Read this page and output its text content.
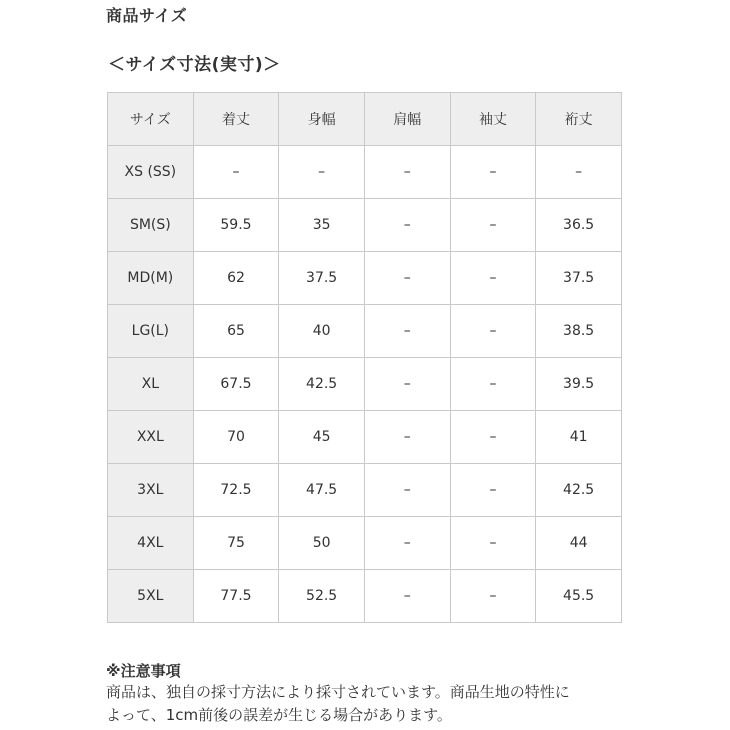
商品サイズ
＜サイズ寸法(実寸)＞
サイズ	着丈	身幅	肩幅	袖丈	裄丈
XS (SS)	–	–	–	–	–
SM(S)	59.5	35	–	–	36.5
MD(M)	62	37.5	–	–	37.5
LG(L)	65	40	–	–	38.5
XL	67.5	42.5	–	–	39.5
XXL	70	45	–	–	41
3XL	72.5	47.5	–	–	42.5
4XL	75	50	–	–	44
5XL	77.5	52.5	–	–	45.5
※注意事項
商品は、独自の採寸方法により採寸されています。商品生地の特性に
よって、1cm前後の誤差が生じる場合があります。
